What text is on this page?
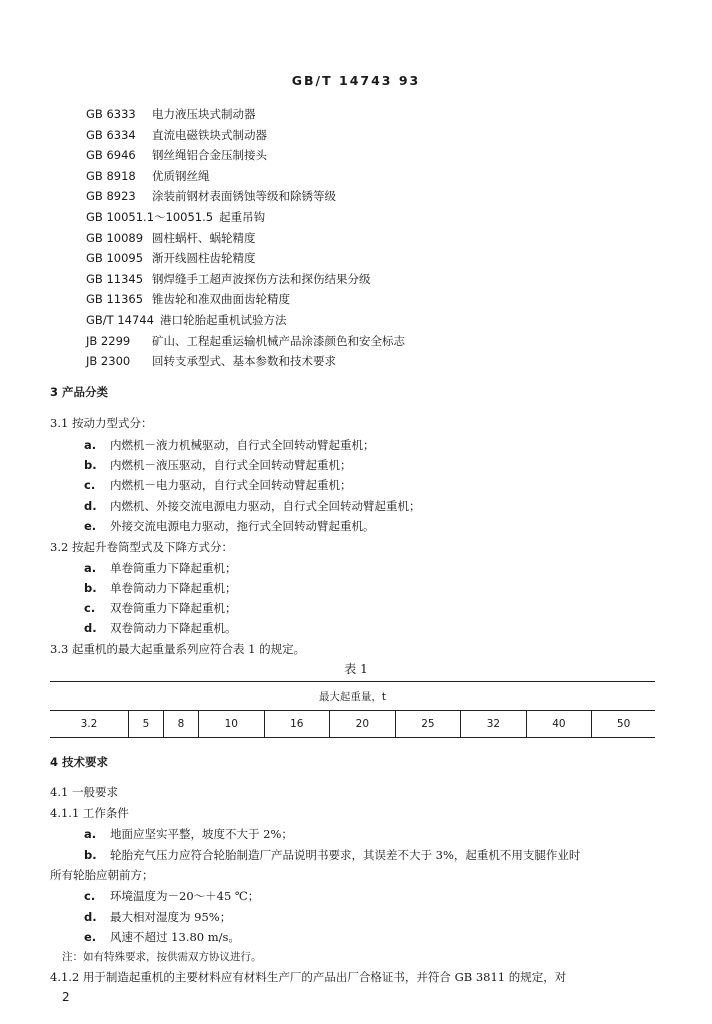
GB/T 14743 93
GB 6333 电力液压块式制动器
GB 6334 直流电磁铁块式制动器
GB 6946 钢丝绳铝合金压制接头
GB 8918 优质钢丝绳
GB 8923 涂装前钢材表面锈蚀等级和除锈等级
GB 10051.1～10051.5 起重吊钩
GB 10089 圆柱蜗杆、蜗轮精度
GB 10095 渐开线圆柱齿轮精度
GB 11345 钢焊缝手工超声波探伤方法和探伤结果分级
GB 11365 锥齿轮和准双曲面齿轮精度
GB/T 14744 港口轮胎起重机试验方法
JB 2299 矿山、工程起重运输机械产品涂漆颜色和安全标志
JB 2300 回转支承型式、基本参数和技术要求
3 产品分类
3.1 按动力型式分：
a. 内燃机－液力机械驱动，自行式全回转动臂起重机；
b. 内燃机－液压驱动，自行式全回转动臂起重机；
c. 内燃机－电力驱动，自行式全回转动臂起重机；
d. 内燃机、外接交流电源电力驱动，自行式全回转动臂起重机；
e. 外接交流电源电力驱动，拖行式全回转动臂起重机。
3.2 按起升卷筒型式及下降方式分：
a. 单卷筒重力下降起重机；
b. 单卷筒动力下降起重机；
c. 双卷筒重力下降起重机；
d. 双卷筒动力下降起重机。
3.3 起重机的最大起重量系列应符合表 1 的规定。
表 1
最大起重量，t
3.2	5	8	10	16	20	25	32	40	50
4 技术要求
4.1 一般要求
4.1.1 工作条件
a. 地面应坚实平整，坡度不大于 2%；
b. 轮胎充气压力应符合轮胎制造厂产品说明书要求，其误差不大于 3%，起重机不用支腿作业时
所有轮胎应朝前方；
c. 环境温度为－20～＋45 ℃；
d. 最大相对湿度为 95%；
e. 风速不超过 13.80 m/s。
注：如有特殊要求，按供需双方协议进行。
4.1.2 用于制造起重机的主要材料应有材料生产厂的产品出厂合格证书，并符合 GB 3811 的规定，对
2
